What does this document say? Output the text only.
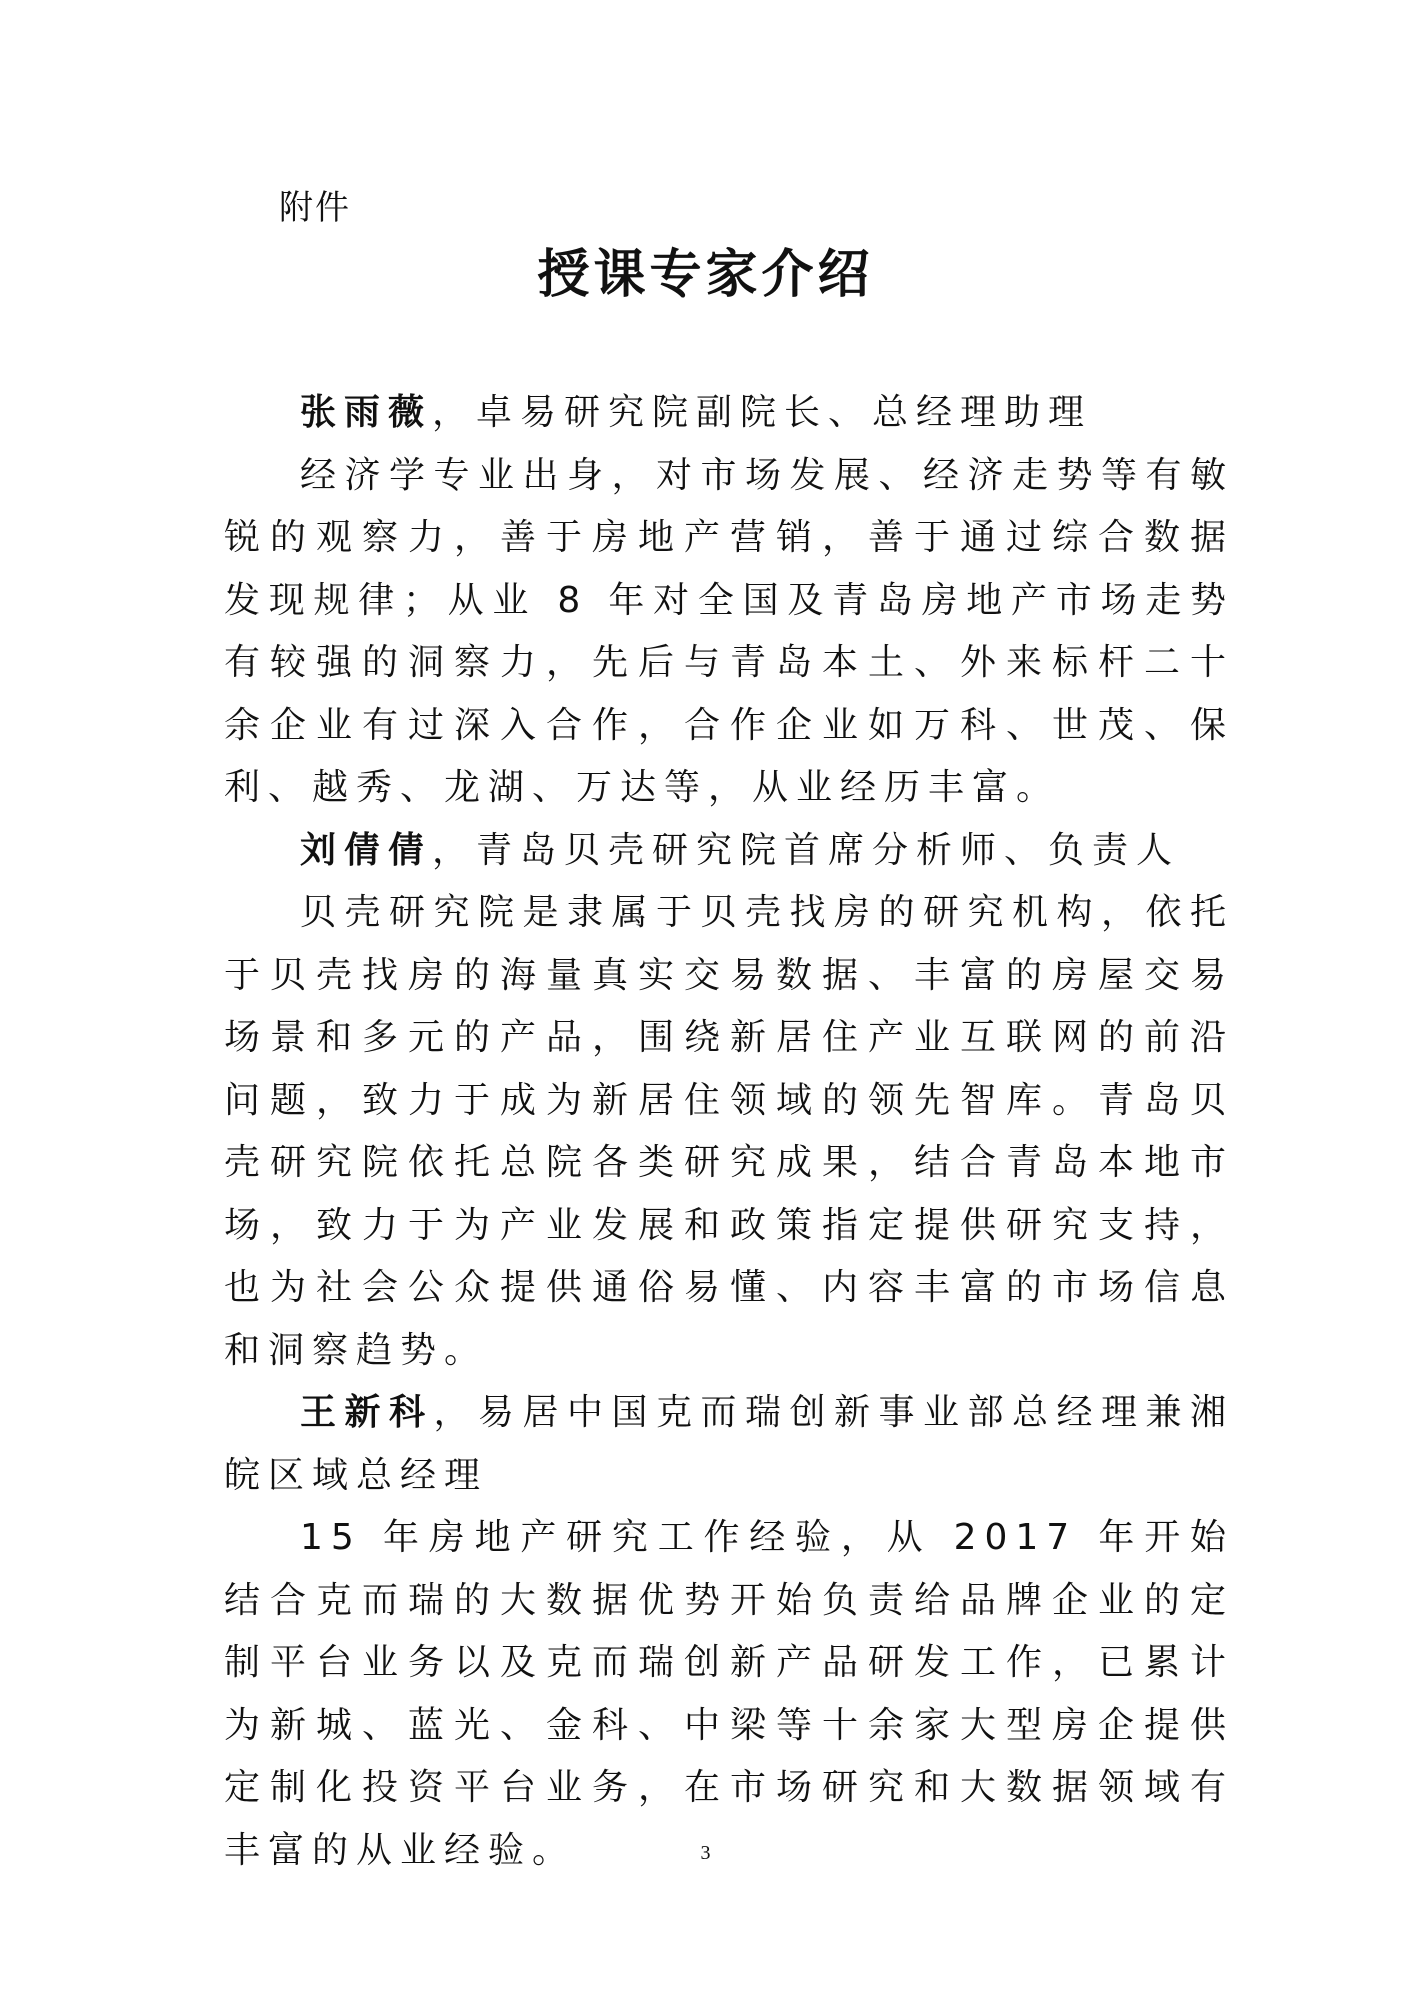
附件

授课专家介绍

张雨薇，卓易研究院副院长、总经理助理

经济学专业出身，对市场发展、经济走势等有敏锐的观察力，善于房地产营销，善于通过综合数据发现规律；从业 8 年对全国及青岛房地产市场走势有较强的洞察力，先后与青岛本土、外来标杆二十余企业有过深入合作，合作企业如万科、世茂、保利、越秀、龙湖、万达等，从业经历丰富。

刘倩倩，青岛贝壳研究院首席分析师、负责人

贝壳研究院是隶属于贝壳找房的研究机构，依托于贝壳找房的海量真实交易数据、丰富的房屋交易场景和多元的产品，围绕新居住产业互联网的前沿问题，致力于成为新居住领域的领先智库。青岛贝壳研究院依托总院各类研究成果，结合青岛本地市场，致力于为产业发展和政策指定提供研究支持，也为社会公众提供通俗易懂、内容丰富的市场信息和洞察趋势。

王新科，易居中国克而瑞创新事业部总经理兼湘皖区域总经理

15 年房地产研究工作经验，从 2017 年开始结合克而瑞的大数据优势开始负责给品牌企业的定制平台业务以及克而瑞创新产品研发工作，已累计为新城、蓝光、金科、中梁等十余家大型房企提供定制化投资平台业务，在市场研究和大数据领域有丰富的从业经验。	3
